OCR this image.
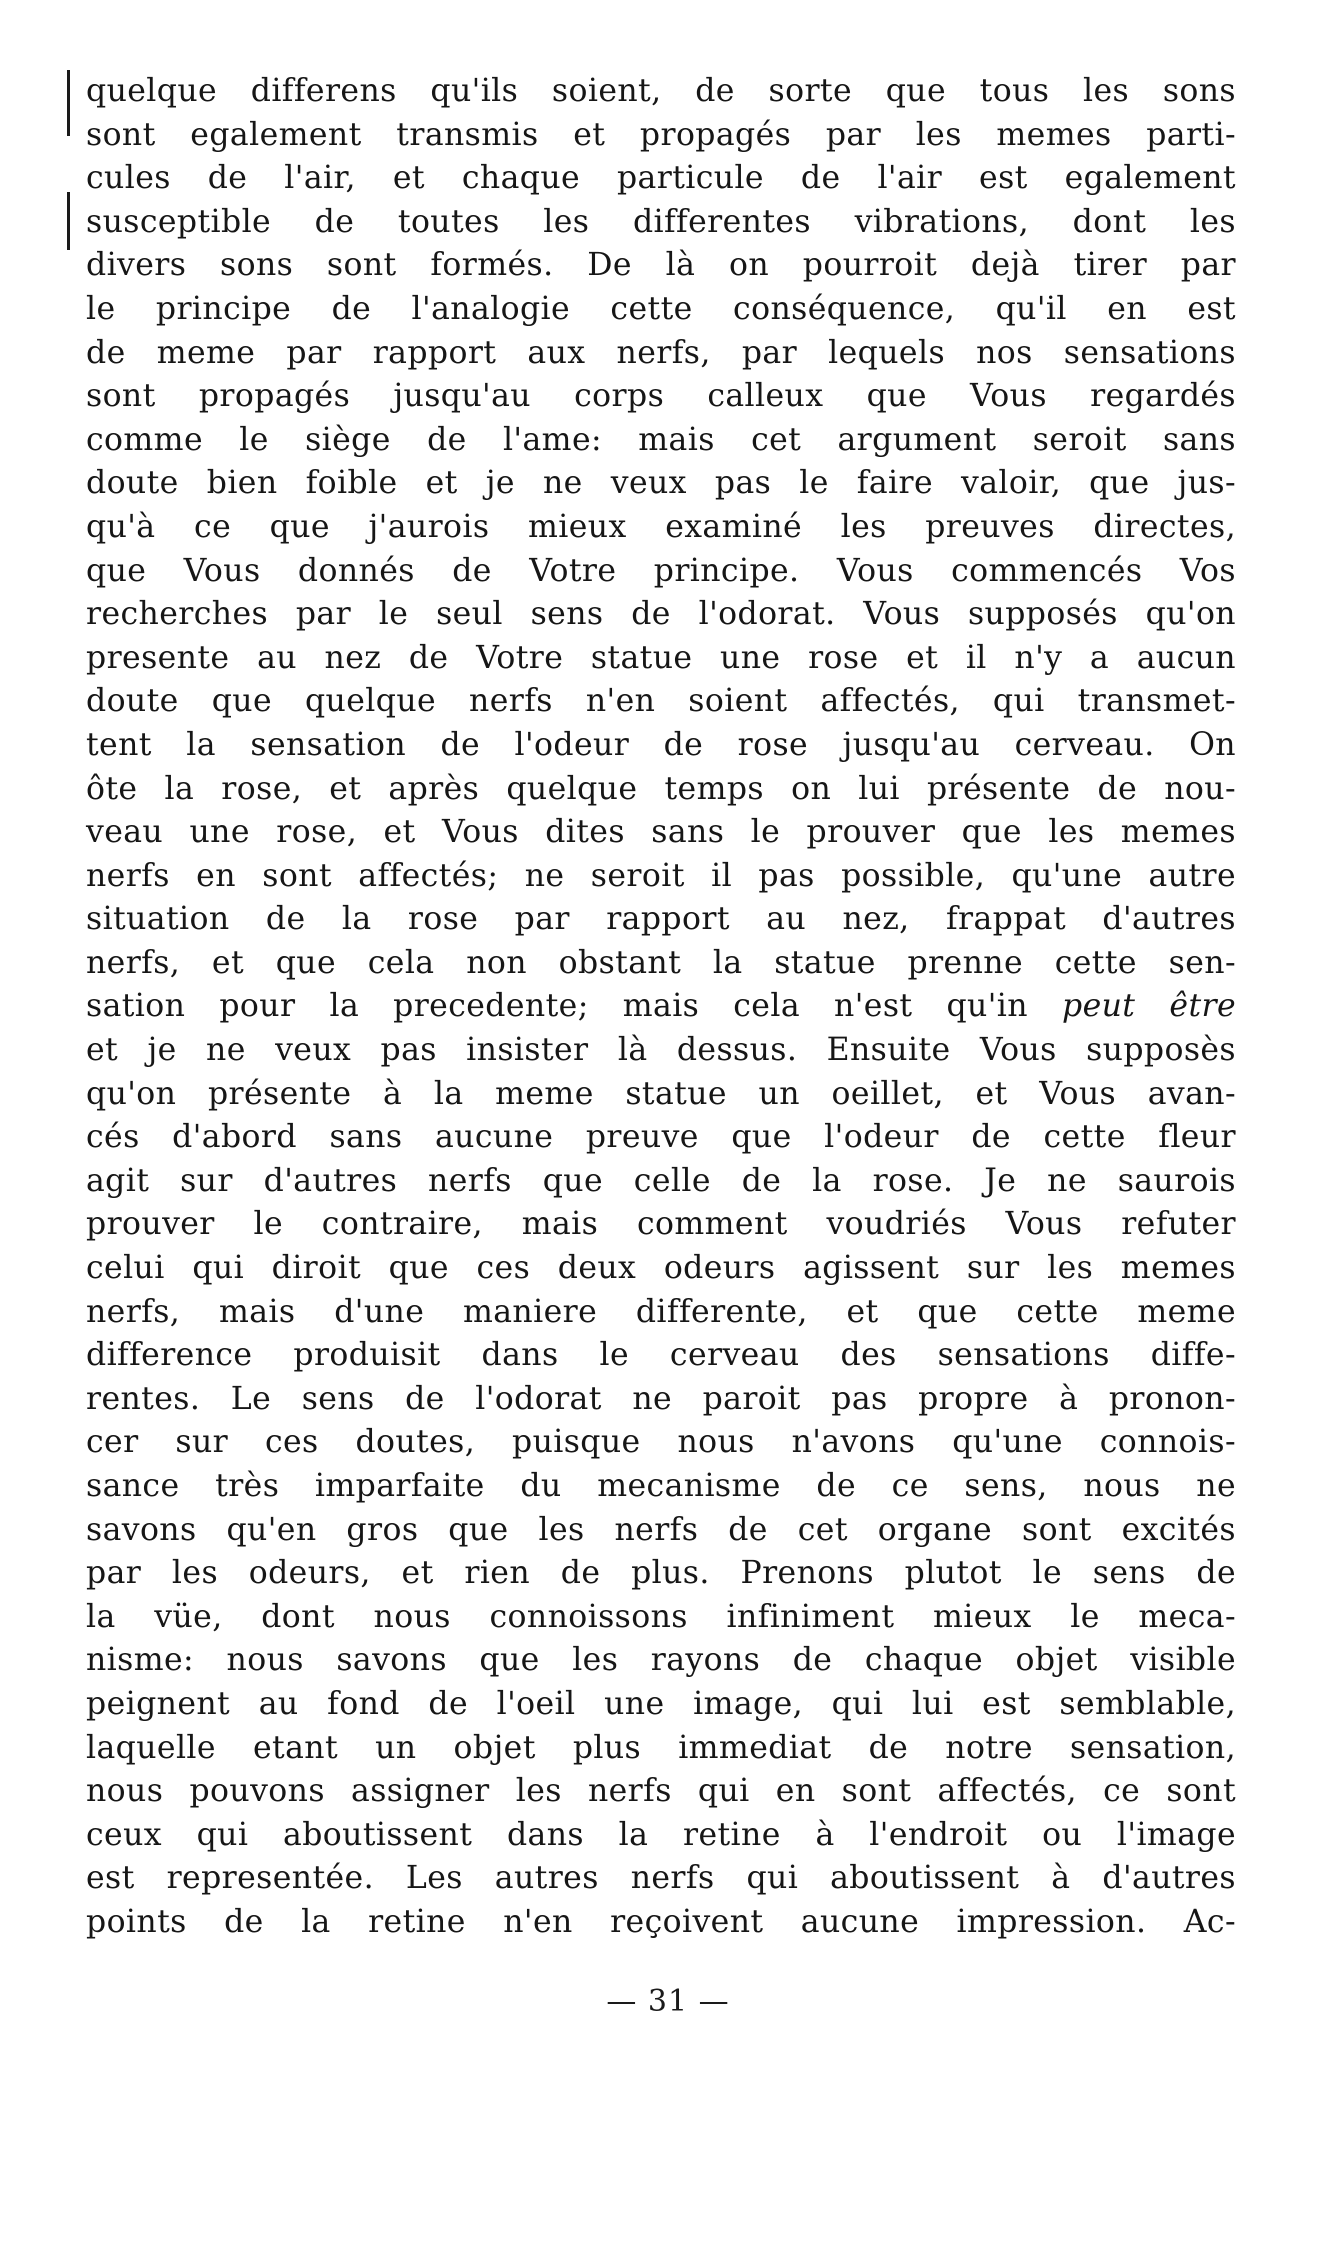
quelque differens qu'ils soient, de sorte que tous les sons
sont egalement transmis et propagés par les memes parti-
cules de l'air, et chaque particule de l'air est egalement
susceptible de toutes les differentes vibrations, dont les
divers sons sont formés. De là on pourroit dejà tirer par
le principe de l'analogie cette conséquence, qu'il en est
de meme par rapport aux nerfs, par lequels nos sensations
sont propagés jusqu'au corps calleux que Vous regardés
comme le siège de l'ame: mais cet argument seroit sans
doute bien foible et je ne veux pas le faire valoir, que jus-
qu'à ce que j'aurois mieux examiné les preuves directes,
que Vous donnés de Votre principe. Vous commencés Vos
recherches par le seul sens de l'odorat. Vous supposés qu'on
presente au nez de Votre statue une rose et il n'y a aucun
doute que quelque nerfs n'en soient affectés, qui transmet-
tent la sensation de l'odeur de rose jusqu'au cerveau. On
ôte la rose, et après quelque temps on lui présente de nou-
veau une rose, et Vous dites sans le prouver que les memes
nerfs en sont affectés; ne seroit il pas possible, qu'une autre
situation de la rose par rapport au nez, frappat d'autres
nerfs, et que cela non obstant la statue prenne cette sen-
sation pour la precedente; mais cela n'est qu'in peut être
et je ne veux pas insister là dessus. Ensuite Vous supposès
qu'on présente à la meme statue un oeillet, et Vous avan-
cés d'abord sans aucune preuve que l'odeur de cette fleur
agit sur d'autres nerfs que celle de la rose. Je ne saurois
prouver le contraire, mais comment voudriés Vous refuter
celui qui diroit que ces deux odeurs agissent sur les memes
nerfs, mais d'une maniere differente, et que cette meme
difference produisit dans le cerveau des sensations diffe-
rentes. Le sens de l'odorat ne paroit pas propre à pronon-
cer sur ces doutes, puisque nous n'avons qu'une connois-
sance très imparfaite du mecanisme de ce sens, nous ne
savons qu'en gros que les nerfs de cet organe sont excités
par les odeurs, et rien de plus. Prenons plutot le sens de
la vüe, dont nous connoissons infiniment mieux le meca-
nisme: nous savons que les rayons de chaque objet visible
peignent au fond de l'oeil une image, qui lui est semblable,
laquelle etant un objet plus immediat de notre sensation,
nous pouvons assigner les nerfs qui en sont affectés, ce sont
ceux qui aboutissent dans la retine à l'endroit ou l'image
est representée. Les autres nerfs qui aboutissent à d'autres
points de la retine n'en reçoivent aucune impression. Ac-
— 31 —
